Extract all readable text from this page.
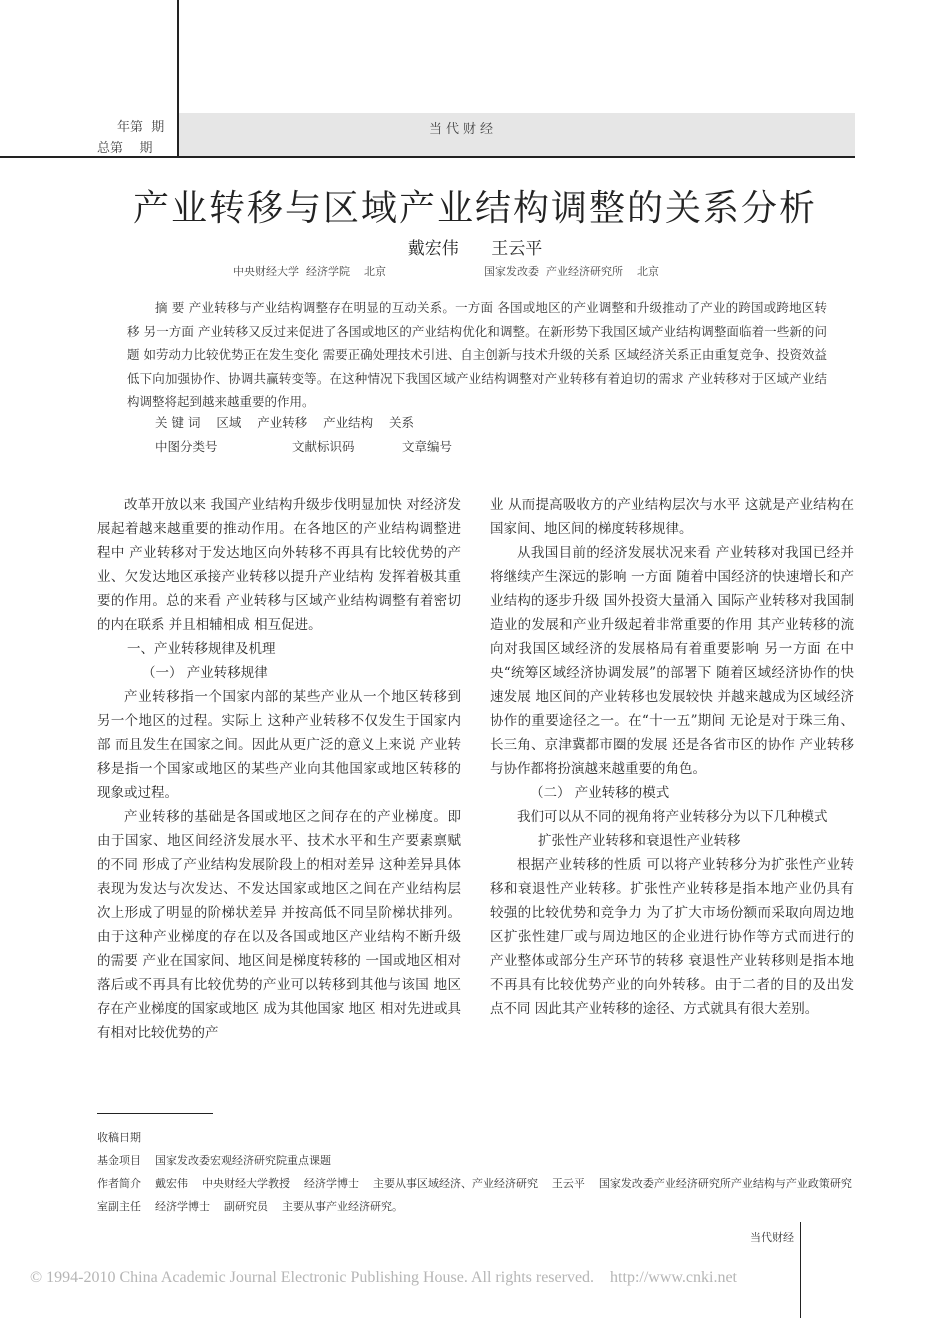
年第  期
总第    期
当代财经
产业转移与区域产业结构调整的关系分析
戴宏伟      王云平
中央财经大学  经济学院    北京	国家发改委  产业经济研究所    北京
摘 要 产业转移与产业结构调整存在明显的互动关系。一方面 各国或地区的产业调整和升级推动了产业的跨国或跨地区转移 另一方面 产业转移又反过来促进了各国或地区的产业结构优化和调整。在新形势下我国区域产业结构调整面临着一些新的问题 如劳动力比较优势正在发生变化 需要正确处理技术引进、自主创新与技术升级的关系 区域经济关系正由重复竞争、投资效益低下向加强协作、协调共赢转变等。在这种情况下我国区域产业结构调整对产业转移有着迫切的需求 产业转移对于区域产业结构调整将起到越来越重要的作用。
关 键 词    区域    产业转移    产业结构    关系
中图分类号	文献标识码	文章编号

改革开放以来 我国产业结构升级步伐明显加快 对经济发展起着越来越重要的推动作用。在各地区的产业结构调整进程中 产业转移对于发达地区向外转移不再具有比较优势的产业、欠发达地区承接产业转移以提升产业结构 发挥着极其重要的作用。总的来看 产业转移与区域产业结构调整有着密切的内在联系 并且相辅相成 相互促进。

一、产业转移规律及机理

（一） 产业转移规律

产业转移指一个国家内部的某些产业从一个地区转移到另一个地区的过程。实际上 这种产业转移不仅发生于国家内部 而且发生在国家之间。因此从更广泛的意义上来说 产业转移是指一个国家或地区的某些产业向其他国家或地区转移的现象或过程。

产业转移的基础是各国或地区之间存在的产业梯度。即由于国家、地区间经济发展水平、技术水平和生产要素禀赋的不同 形成了产业结构发展阶段上的相对差异 这种差异具体表现为发达与次发达、不发达国家或地区之间在产业结构层次上形成了明显的阶梯状差异 并按高低不同呈阶梯状排列。由于这种产业梯度的存在以及各国或地区产业结构不断升级的需要 产业在国家间、地区间是梯度转移的 一国或地区相对落后或不再具有比较优势的产业可以转移到其他与该国 地区 存在产业梯度的国家或地区 成为其他国家 地区 相对先进或具有相对比较优势的产

业 从而提高吸收方的产业结构层次与水平 这就是产业结构在国家间、地区间的梯度转移规律。

从我国目前的经济发展状况来看 产业转移对我国已经并将继续产生深远的影响 一方面 随着中国经济的快速增长和产业结构的逐步升级 国外投资大量涌入 国际产业转移对我国制造业的发展和产业升级起着非常重要的作用 其产业转移的流向对我国区域经济的发展格局有着重要影响 另一方面 在中央“统筹区域经济协调发展”的部署下 随着区域经济协作的快速发展 地区间的产业转移也发展较快 并越来越成为区域经济协作的重要途径之一。在“十一五”期间 无论是对于珠三角、长三角、京津冀都市圈的发展 还是各省市区的协作 产业转移与协作都将扮演越来越重要的角色。

（二） 产业转移的模式

我们可以从不同的视角将产业转移分为以下几种模式

扩张性产业转移和衰退性产业转移

根据产业转移的性质 可以将产业转移分为扩张性产业转移和衰退性产业转移。扩张性产业转移是指本地产业仍具有较强的比较优势和竞争力 为了扩大市场份额而采取向周边地区扩张性建厂或与周边地区的企业进行协作等方式而进行的产业整体或部分生产环节的转移 衰退性产业转移则是指本地不再具有比较优势产业的向外转移。由于二者的目的及出发点不同 因此其产业转移的途径、方式就具有很大差别。

收稿日期

基金项目    国家发改委宏观经济研究院重点课题

作者简介    戴宏伟    中央财经大学教授    经济学博士    主要从事区域经济、产业经济研究    王云平    国家发改委产业经济研究所产业结构与产业政策研究室副主任    经济学博士    副研究员    主要从事产业经济研究。

当代财经
© 1994-2010 China Academic Journal Electronic Publishing House. All rights reserved.    http://www.cnki.net
